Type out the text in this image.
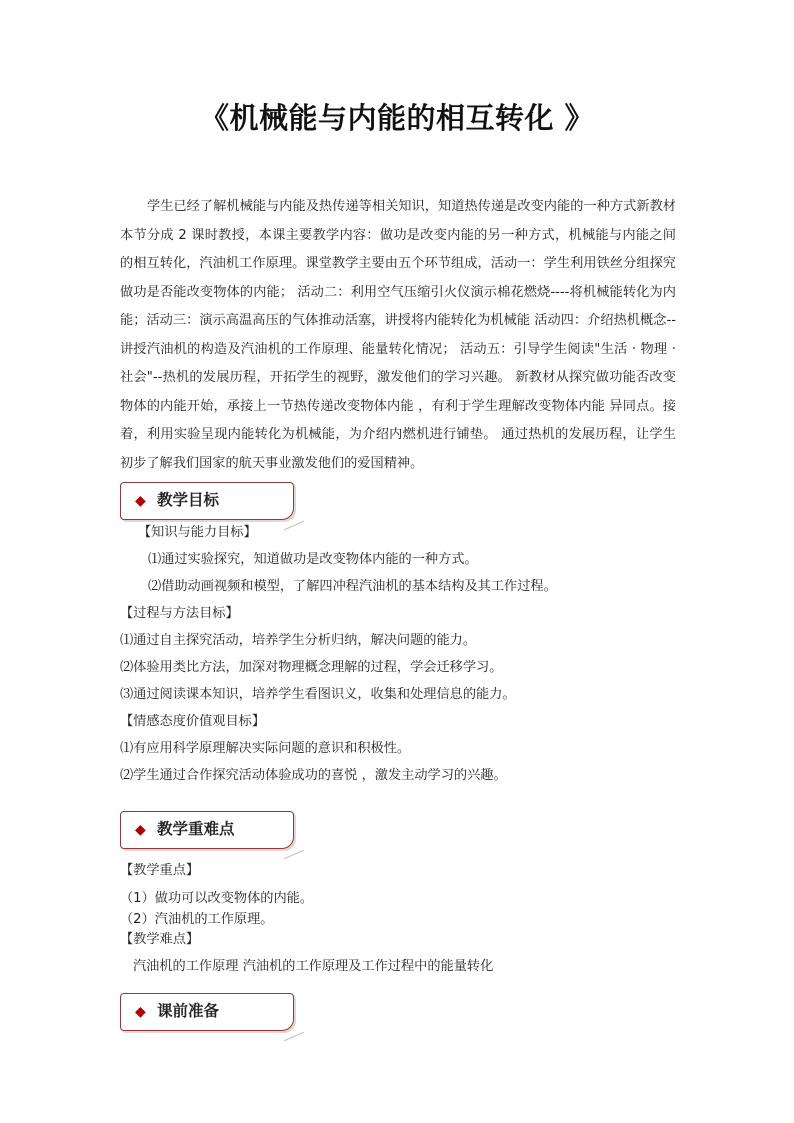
《机械能与内能的相互转化 》

学生已经了解机械能与内能及热传递等相关知识，知道热传递是改变内能的一种方式新教材本节分成 2 课时教授，本课主要教学内容：做功是改变内能的另一种方式，机械能与内能之间的相互转化，汽油机工作原理。课堂教学主要由五个环节组成，活动一：学生利用铁丝分组探究做功是否能改变物体的内能； 活动二：利用空气压缩引火仪演示棉花燃烧----将机械能转化为内能；活动三：演示高温高压的气体推动活塞，讲授将内能转化为机械能 活动四：介绍热机概念--讲授汽油机的构造及汽油机的工作原理、能量转化情况； 活动五：引导学生阅读"生活 · 物理 · 社会"--热机的发展历程，开拓学生的视野，激发他们的学习兴趣。 新教材从探究做功能否改变物体的内能开始，承接上一节热传递改变物体内能 ，有利于学生理解改变物体内能 异同点。接着，利用实验呈现内能转化为机械能，为介绍内燃机进行铺垫。 通过热机的发展历程，让学生初步了解我们国家的航天事业激发他们的爱国精神。

◆ 教学目标

【知识与能力目标】

⑴通过实验探究，知道做功是改变物体内能的一种方式。

⑵借助动画视频和模型，了解四冲程汽油机的基本结构及其工作过程。

【过程与方法目标】

⑴通过自主探究活动，培养学生分析归纳，解决问题的能力。

⑵体验用类比方法，加深对物理概念理解的过程，学会迁移学习。

⑶通过阅读课本知识，培养学生看图识义，收集和处理信息的能力。

【情感态度价值观目标】

⑴有应用科学原理解决实际问题的意识和积极性。

⑵学生通过合作探究活动体验成功的喜悦 ，激发主动学习的兴趣。

◆ 教学重难点

【教学重点】

（1）做功可以改变物体的内能。

（2）汽油机的工作原理。

【教学难点】

汽油机的工作原理 汽油机的工作原理及工作过程中的能量转化

◆ 课前准备
